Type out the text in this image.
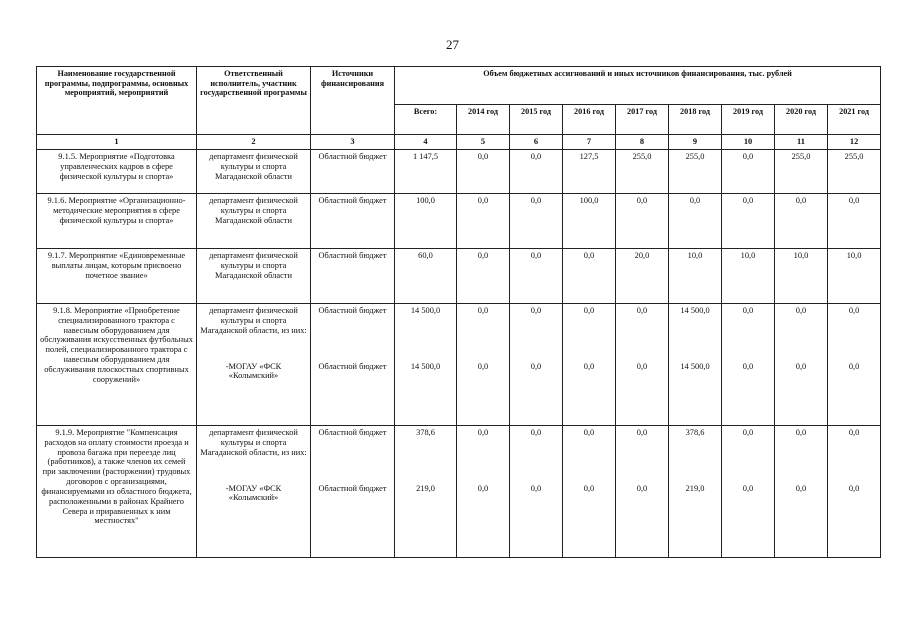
27
Наименование государственной программы, подпрограммы, основных мероприятий, мероприятий	Ответственный исполнитель, участник государственной программы	Источники финансирования	Объем бюджетных ассигнований и иных источников финансирования, тыс. рублей								
			Всего:	2014 год	2015 год	2016 год	2017 год	2018 год	2019 год	2020 год	2021 год
1	2	3	4	5	6	7	8	9	10	11	12
9.1.5. Мероприятие «Подготовка управленческих кадров в сфере физической культуры и спорта»	департамент физической культуры и спорта Магаданской области	Областной бюджет	1 147,5	0,0	0,0	127,5	255,0	255,0	0,0	255,0	255,0
9.1.6. Мероприятие «Организационно-методические мероприятия в сфере физической культуры и спорта»	департамент физической культуры и спорта Магаданской области	Областной бюджет	100,0	0,0	0,0	100,0	0,0	0,0	0,0	0,0	0,0
9.1.7. Мероприятие «Единовременные выплаты лицам, которым присвоено почетное звание»	департамент физической культуры и спорта Магаданской области	Областной бюджет	60,0	0,0	0,0	0,0	20,0	10,0	10,0	10,0	10,0
9.1.8. Мероприятие «Приобретение специализированного трактора с навесным оборудованием для обслуживания искусственных футбольных полей, специализированного трактора с навесным оборудованием для обслуживания плоскостных спортивных сооружений»	департамент физической культуры и спорта Магаданской области, из них:	Областной бюджет	14 500,0	0,0	0,0	0,0	0,0	14 500,0	0,0	0,0	0,0
	-МОГАУ «ФСК «Колымский»	Областной бюджет	14 500,0	0,0	0,0	0,0	0,0	14 500,0	0,0	0,0	0,0
9.1.9. Мероприятие "Компенсация расходов на оплату стоимости проезда и провоза багажа при переезде лиц (работников), а также членов их семей при заключении (расторжении) трудовых договоров с организациями, финансируемыми из областного бюджета, расположенными в районах Крайнего Севера и приравненных к ним местностях"	департамент физической культуры и спорта Магаданской области, из них:	Областной бюджет	378,6	0,0	0,0	0,0	0,0	378,6	0,0	0,0	0,0
	-МОГАУ «ФСК «Колымский»	Областной бюджет	219,0	0,0	0,0	0,0	0,0	219,0	0,0	0,0	0,0
